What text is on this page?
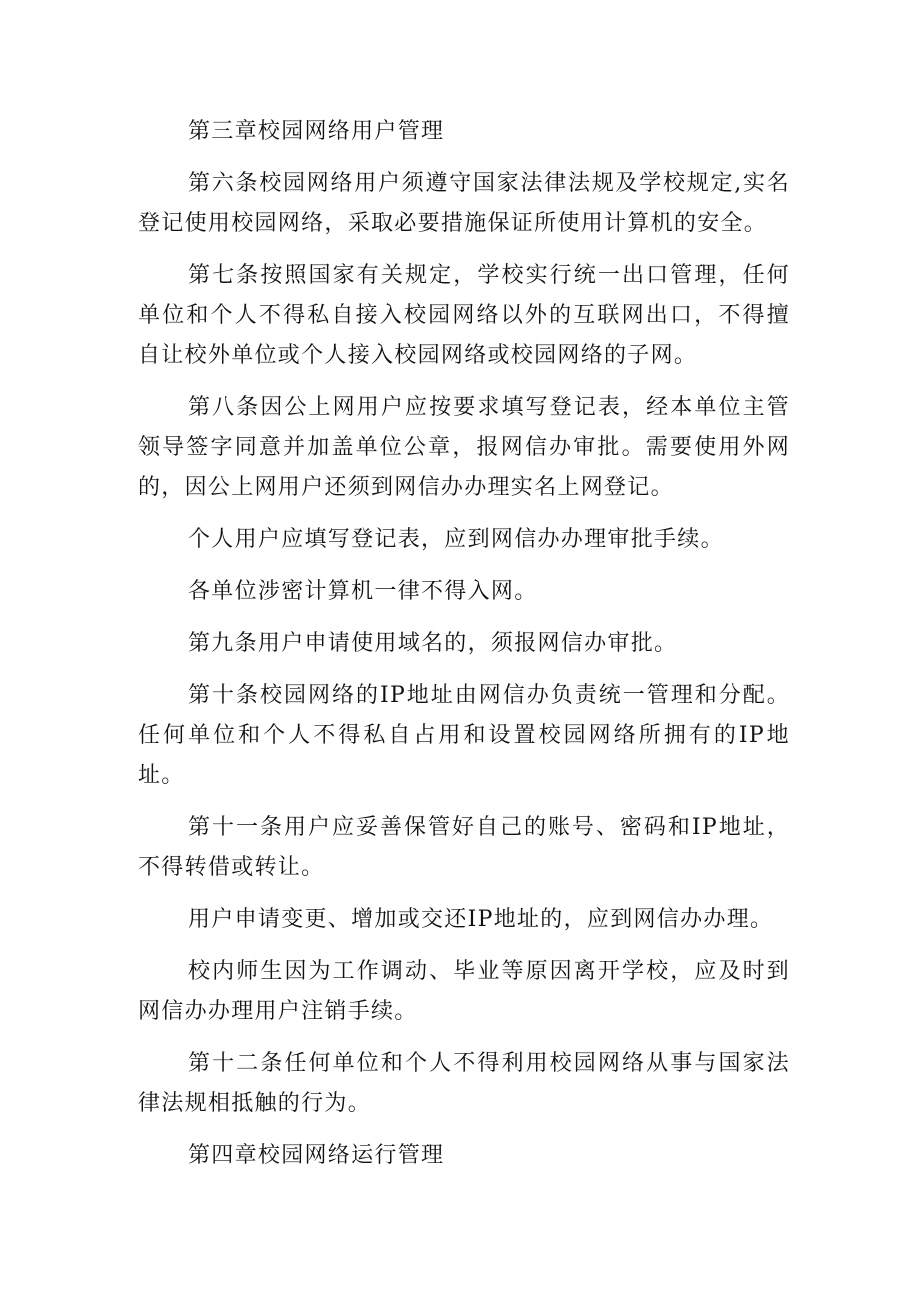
第三章校园网络用户管理

第六条校园网络用户须遵守国家法律法规及学校规定,实名登记使用校园网络，采取必要措施保证所使用计算机的安全。

第七条按照国家有关规定，学校实行统一出口管理，任何单位和个人不得私自接入校园网络以外的互联网出口，不得擅自让校外单位或个人接入校园网络或校园网络的子网。

第八条因公上网用户应按要求填写登记表，经本单位主管领导签字同意并加盖单位公章，报网信办审批。需要使用外网的，因公上网用户还须到网信办办理实名上网登记。

个人用户应填写登记表，应到网信办办理审批手续。

各单位涉密计算机一律不得入网。

第九条用户申请使用域名的，须报网信办审批。

第十条校园网络的IP地址由网信办负责统一管理和分配。任何单位和个人不得私自占用和设置校园网络所拥有的IP地址。

第十一条用户应妥善保管好自己的账号、密码和IP地址，不得转借或转让。

用户申请变更、增加或交还IP地址的，应到网信办办理。

校内师生因为工作调动、毕业等原因离开学校，应及时到网信办办理用户注销手续。

第十二条任何单位和个人不得利用校园网络从事与国家法律法规相抵触的行为。

第四章校园网络运行管理
